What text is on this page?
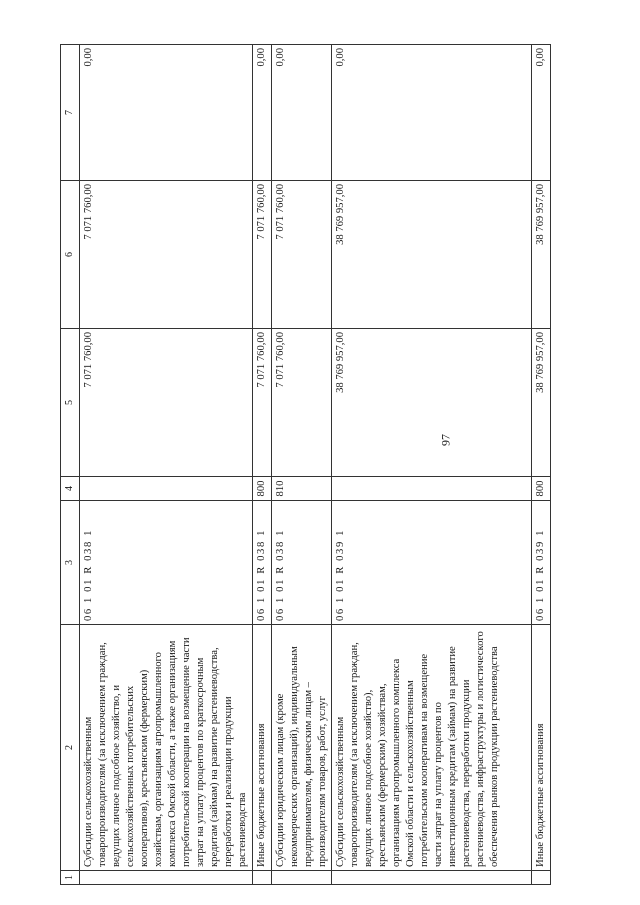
97
1	2	3	4	5	6	7
	Субсидии сельскохозяйственным товаропроизводителям (за исключением граждан, ведущих личное подсобное хозяйство, и сельскохозяйственных потребительских кооперативов), крестьянским (фермерским) хозяйствам, организациям агропромышленного комплекса Омской области, а также организациям потребительской кооперации на возмещение части затрат на уплату процентов по краткосрочным кредитам (займам) на развитие растениеводства, переработки и реализации продукции растениеводства	06 1 01 R 038 1		7 071 760,00	7 071 760,00	0,00
	Иные бюджетные ассигнования	06 1 01 R 038 1	800	7 071 760,00	7 071 760,00	0,00
	Субсидии юридическим лицам (кроме некоммерческих организаций), индивидуальным предпринимателям, физическим лицам – производителям товаров, работ, услуг	06 1 01 R 038 1	810	7 071 760,00	7 071 760,00	0,00
	Субсидии сельскохозяйственным товаропроизводителям (за исключением граждан, ведущих личное подсобное хозяйство), крестьянским (фермерским) хозяйствам, организациям агропромышленного комплекса Омской области и сельскохозяйственным потребительским кооперативам на возмещение части затрат на уплату процентов по инвестиционным кредитам (займам) на развитие растениеводства, переработки продукции растениеводства, инфраструктуры и логистического обеспечения рынков продукции растениеводства	06 1 01 R 039 1		38 769 957,00	38 769 957,00	0,00
	Иные бюджетные ассигнования	06 1 01 R 039 1	800	38 769 957,00	38 769 957,00	0,00
